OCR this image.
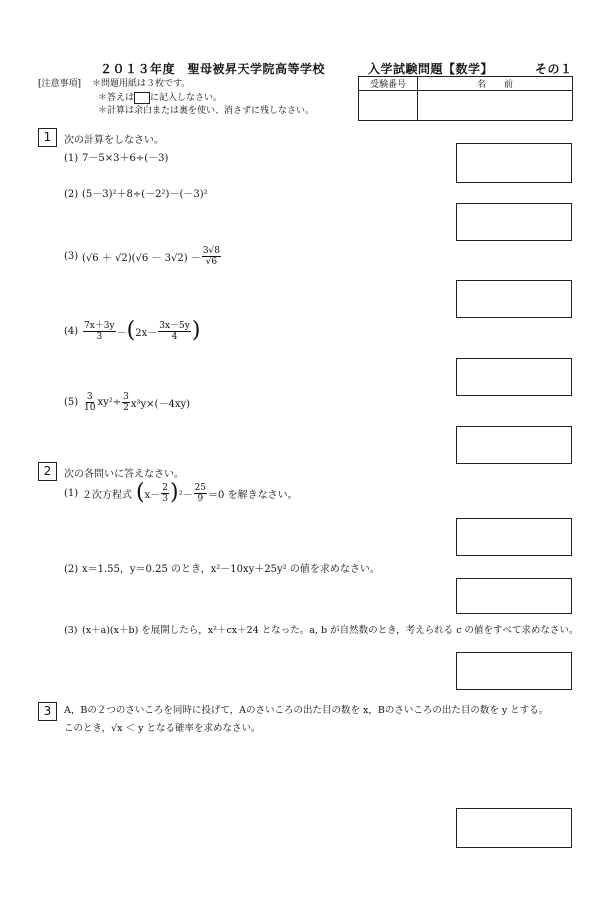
２０１３年度　聖母被昇天学院高等学校	入学試験問題【数学】	その１
[注意事項] ＊問題用紙は３枚です。
＊答えは に記入しなさい。
＊計算は余白または裏を使い、消さずに残しなさい。
受験番号	名　　前

1	次の計算をしなさい。
(1) 7－5×3＋6÷(－3)
(2) (5－3)²＋8÷(－2²)－(－3)²
(3) $(√6 + √2)(√6 - 3√2) - \frac{3√8}{√6}$
$(4) \frac{7x+3y}{3}$ － ( $2x- \frac{3x-5y}{4}$ )
$(5) \frac{3}{10} xy^2\div \frac{3}{2} x^3y\times(-4xy)$
2	次の各問いに答えなさい。
(1) ２次方程式 ( $x- \frac{2}{3}$ ) $^2- \frac{25}{9} =0$ を解きなさい。
(2) x＝1.55，y＝0.25 のとき，x²－10xy＋25y² の値を求めなさい。
(3) (x＋a)(x＋b) を展開したら，x²＋cx＋24 となった。a, b が自然数のとき，考えられる c の値をすべて求めなさい。
3	A，Bの２つのさいころを同時に投げて，Aのさいころの出た目の数を x，Bのさいころの出た目の数を y とする。
このとき，√x ＜ y となる確率を求めなさい。
